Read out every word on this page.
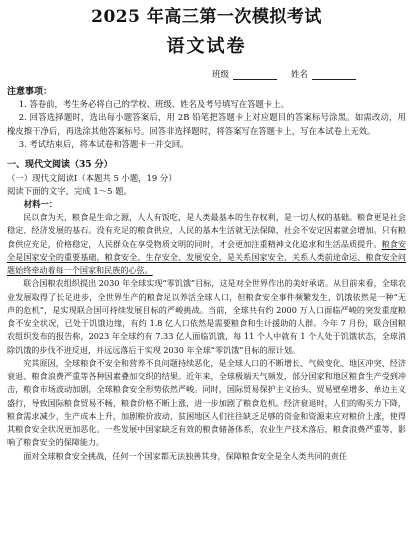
2025 年高三第一次模拟考试
语文试卷
班级	姓名
注意事项：

1. 答卷前，考生务必将自己的学校、班级、姓名及考号填写在答题卡上。

2. 回答选择题时，选出每小题答案后，用 2B 铅笔把答题卡上对应题目的答案标号涂黑。如需改动，用橡皮擦干净后，再选涂其他答案标号。回答非选择题时，将答案写在答题卡上，写在本试卷上无效。

3. 考试结束后，将本试卷和答题卡一并交回。

一、现代文阅读（35 分）
（一）现代文阅读Ⅰ（本题共 5 小题，19 分）
阅读下面的文字，完成 1～5 题。
材料一：

民以食为天，粮食是生命之源，人人有饭吃，是人类最基本的生存权利，是一切人权的基础。粮食更是社会稳定、经济发展的基石。没有充足的粮食供应，人民的基本生活就无法保障，社会不安定因素就会增加。只有粮食供应充足，价格稳定，人民群众在享受物质文明的同时，才会更加注重精神文化追求和生活品质提升。粮食安全是国家安全的重要基础，粮食安全、生存安全、发展安全，是关系国家安全、关系人类前途命运、粮食安全问题始终牵动着每一个国家和民族的心弦。

联合国粮农组织提出 2030 年全球实现“零饥饿”目标，这是对全世界作出的美好承诺。从目前来看，全球农业发展取得了长足进步，全世界生产的粮食足以养活全球人口，但粮食安全事件频繁发生，饥饿依然是一种“无声的危机”，是实现联合国可持续发展目标的严峻挑战。当前，全球共有约 2000 万人口面临严峻的突发重度粮食不安全状况，已处于饥饿边缘，有约 1.8 亿人口依然是需要粮食和生计援助的人群。今年 7 月份，联合国粮农组织发布的报告称，2023 年全球约有 7.33 亿人面临饥饿，每 11 个人中就有 1 个人处于饥饿状态，全球消除饥饿的步伐不进反退，并远远落后于实现 2030 年全球“零饥饿”目标的原计划。

究其原因，全球粮食不安全和营养不良问题持续恶化，是全球人口的不断增长、气候变化、地区冲突、经济衰退、粮食浪费严重等各种因素叠加交织的结果。近年来，全球极端天气频发，部分国家和地区粮食生产受到冲击，粮食市场波动加剧，全球粮食安全形势依然严峻。同时，国际贸易保护主义抬头、贸易壁垒增多、单边主义盛行，导致国际粮食贸易不畅，粮食价格不断上涨，进一步加剧了粮食危机。经济衰退时，人们的购买力下降，粮食需求减少，生产成本上升，加剧粮价波动，贫困地区人们往往缺乏足够的资金和资源来应对粮价上涨，使得其粮食安全状况更加恶化。一些发展中国家缺乏有效的粮食储备体系，农业生产技术落后，粮食浪费严重等，影响了粮食安全的保障能力。

面对全球粮食安全挑战，任何一个国家都无法独善其身，保障粮食安全是全人类共同的责任
